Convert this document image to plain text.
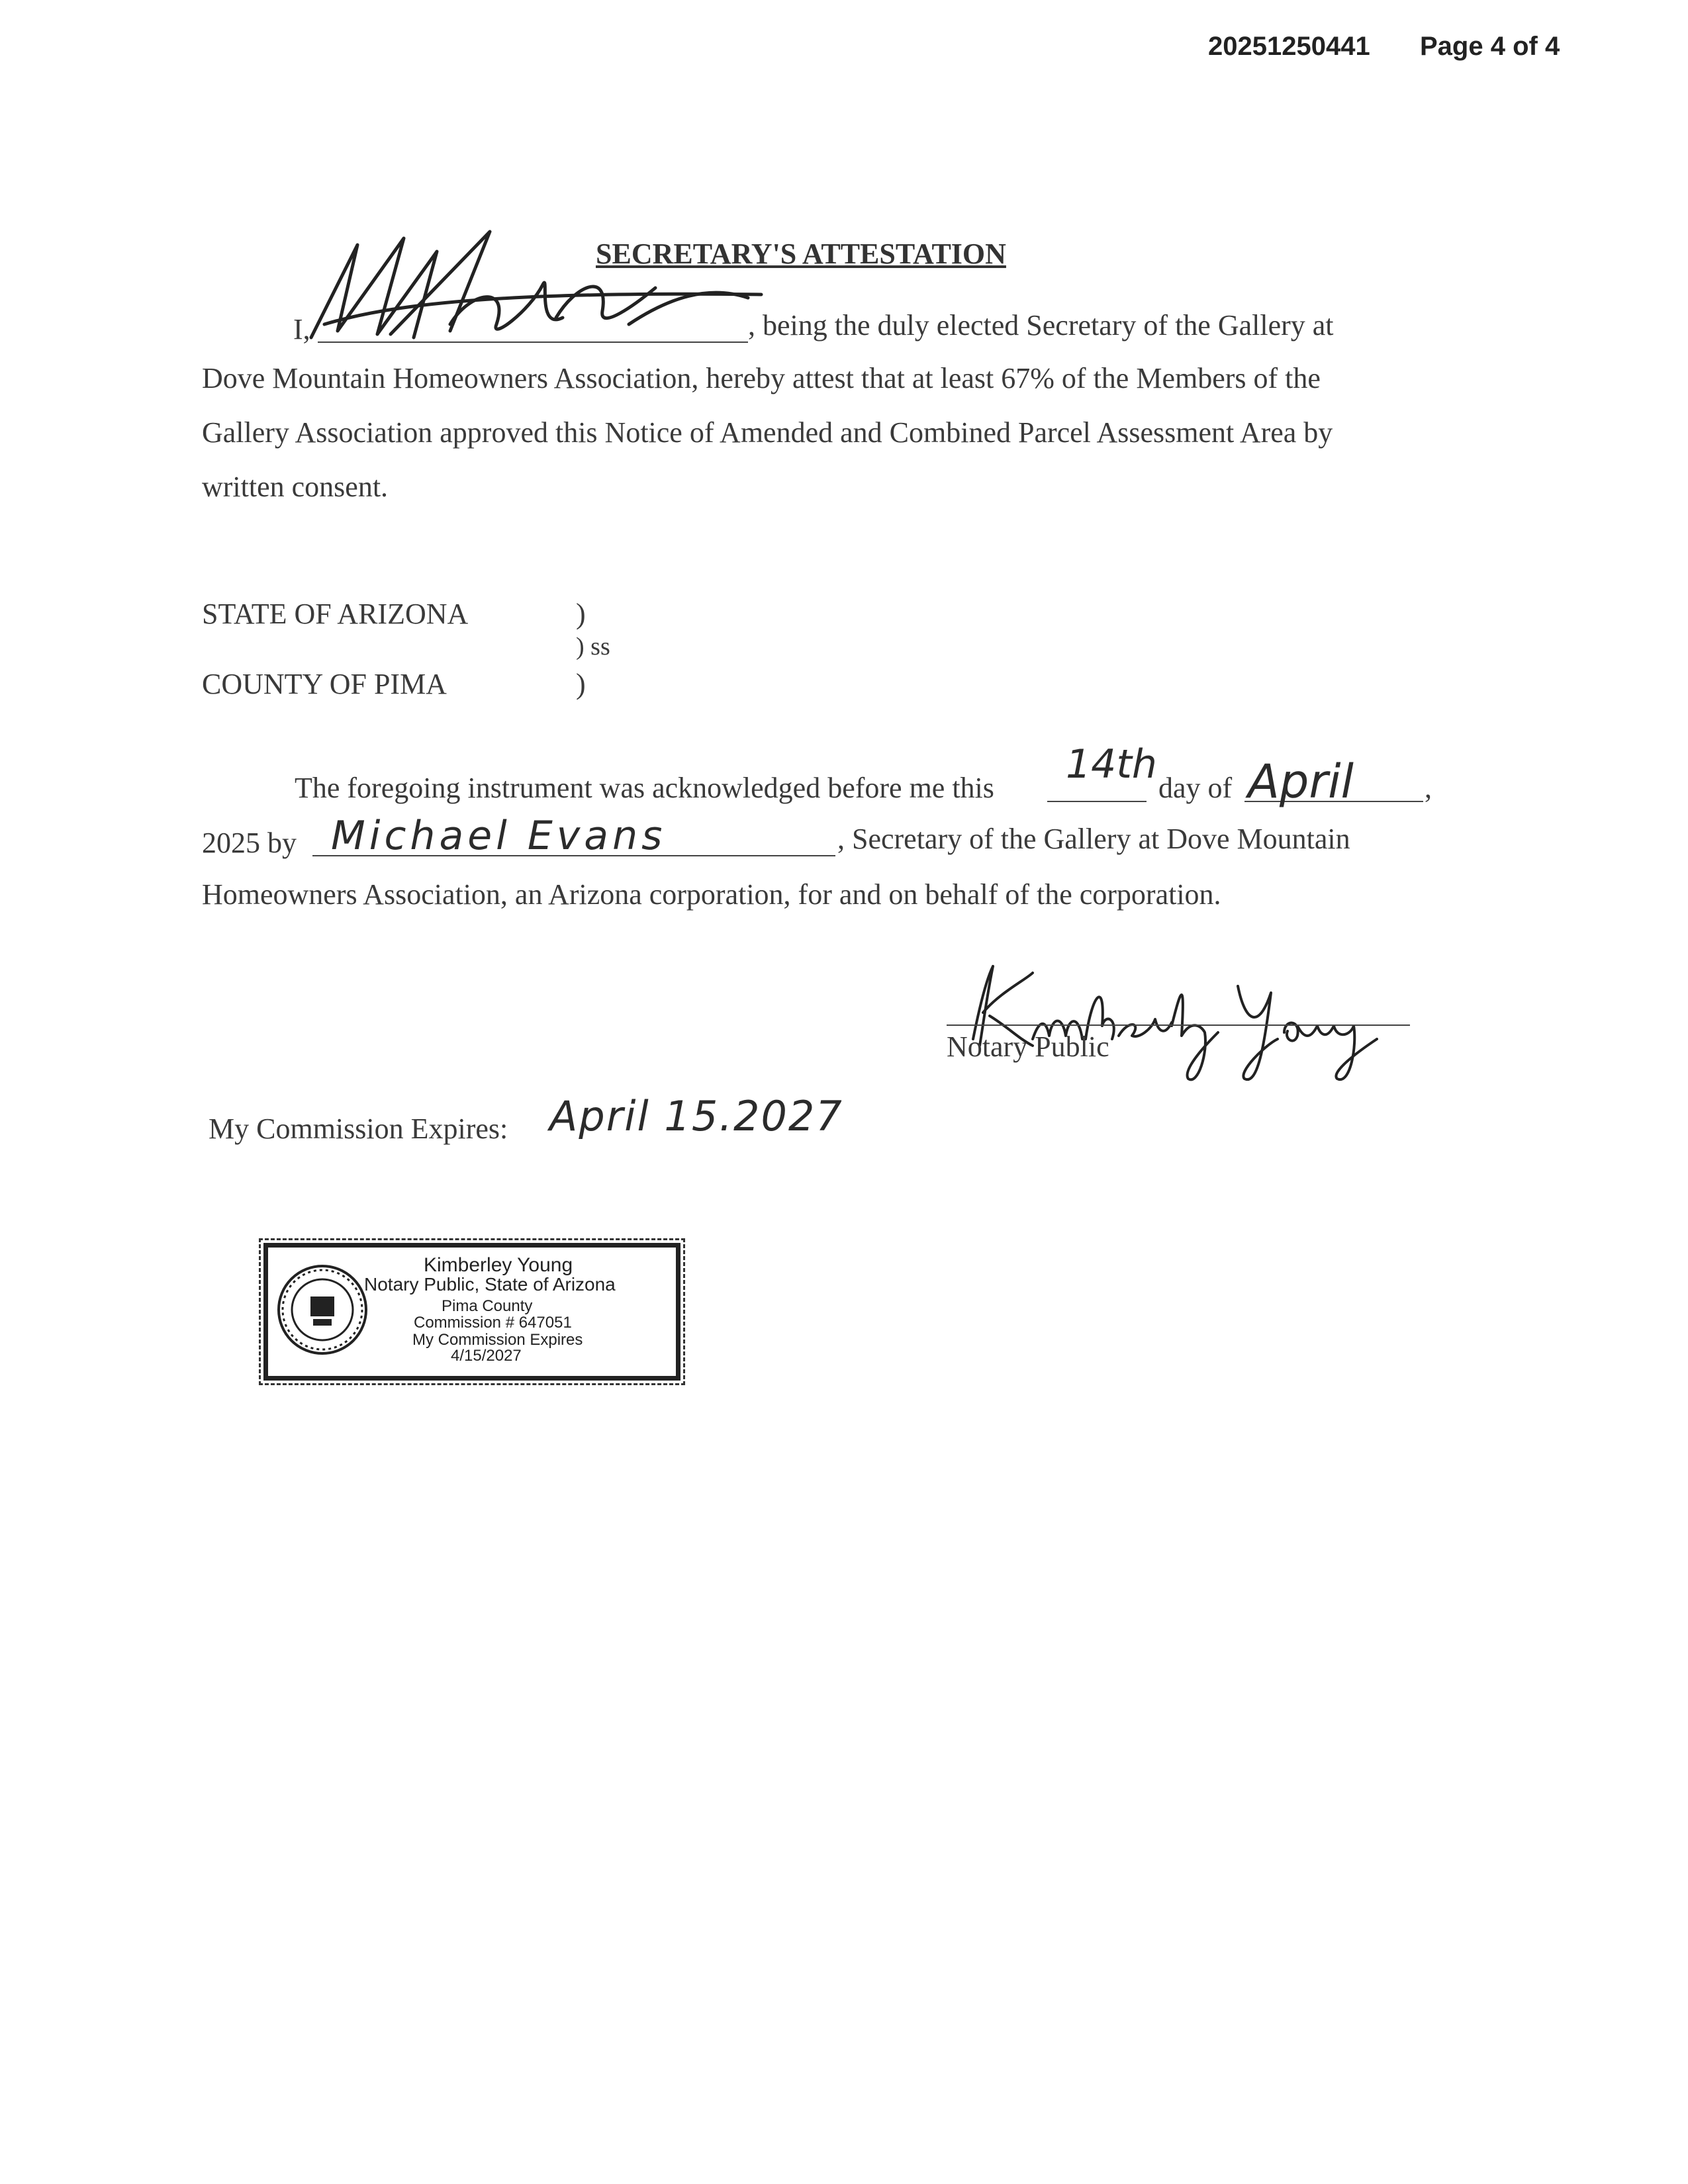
20251250441 Page 4 of 4
SECRETARY'S ATTESTATION
I,	, being the duly elected Secretary of the Gallery at
Dove Mountain Homeowners Association, hereby attest that at least 67% of the Members of the
Gallery Association approved this Notice of Amended and Combined Parcel Assessment Area by
written consent.
STATE OF ARIZONA	)
) ss
COUNTY OF PIMA	)
The foregoing instrument was acknowledged before me this
14th
day of April ,
2025 by Michael Evans	, Secretary of the Gallery at Dove Mountain
Homeowners Association, an Arizona corporation, for and on behalf of the corporation.
Notary Public
My Commission Expires: April 15.2027
Kimberley Young
Notary Public, State of Arizona
Pima County
Commission # 647051
My Commission Expires
4/15/2027
